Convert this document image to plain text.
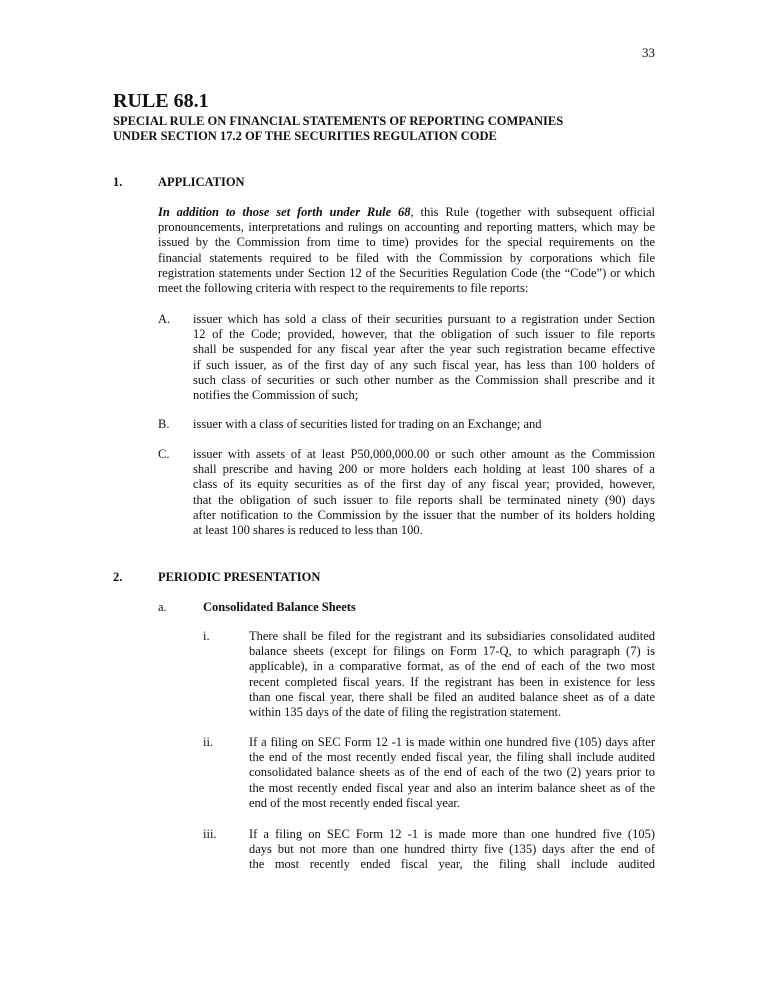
33
RULE 68.1
SPECIAL RULE ON FINANCIAL STATEMENTS OF REPORTING COMPANIES
UNDER SECTION 17.2 OF THE SECURITIES REGULATION CODE
1.	APPLICATION
In addition to those set forth under Rule 68, this Rule (together with subsequent official
pronouncements, interpretations and rulings on accounting and reporting matters, which may be
issued by the Commission from time to time) provides for the special requirements on the
financial statements required to be filed with the Commission by corporations which file
registration statements under Section 12 of the Securities Regulation Code (the “Code”) or which
meet the following criteria with respect to the requirements to file reports:
A. issuer which has sold a class of their securities pursuant to a registration under Section
12 of the Code; provided, however, that the obligation of such issuer to file reports
shall be suspended for any fiscal year after the year such registration became effective
if such issuer, as of the first day of any such fiscal year, has less than 100 holders of
such class of securities or such other number as the Commission shall prescribe and it
notifies the Commission of such;
B. issuer with a class of securities listed for trading on an Exchange; and
C. issuer with assets of at least P50,000,000.00 or such other amount as the Commission
shall prescribe and having 200 or more holders each holding at least 100 shares of a
class of its equity securities as of the first day of any fiscal year; provided, however,
that the obligation of such issuer to file reports shall be terminated ninety (90) days
after notification to the Commission by the issuer that the number of its holders holding
at least 100 shares is reduced to less than 100.
2.	PERIODIC PRESENTATION
a.	Consolidated Balance Sheets
i.	There shall be filed for the registrant and its subsidiaries consolidated audited
balance sheets (except for filings on Form 17-Q, to which paragraph (7) is
applicable), in a comparative format, as of the end of each of the two most
recent completed fiscal years. If the registrant has been in existence for less
than one fiscal year, there shall be filed an audited balance sheet as of a date
within 135 days of the date of filing the registration statement.
ii.	If a filing on SEC Form 12 -1 is made within one hundred five (105) days after
the end of the most recently ended fiscal year, the filing shall include audited
consolidated balance sheets as of the end of each of the two (2) years prior to
the most recently ended fiscal year and also an interim balance sheet as of the
end of the most recently ended fiscal year.
iii.	If a filing on SEC Form 12 -1 is made more than one hundred five (105)
days but not more than one hundred thirty five (135) days after the end of
the most recently ended fiscal year, the filing shall include audited
